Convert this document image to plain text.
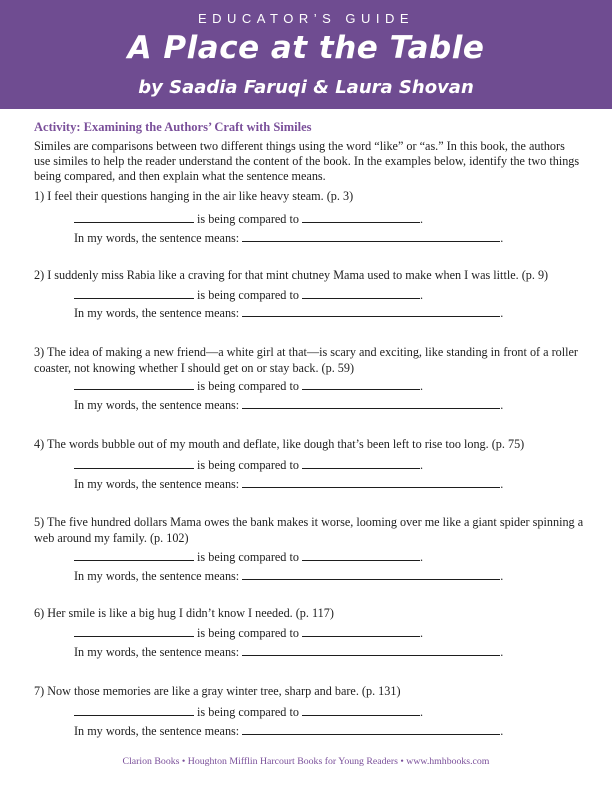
EDUCATOR’S GUIDE
A Place at the Table
by Saadia Faruqi & Laura Shovan

Activity: Examining the Authors’ Craft with Similes

Similes are comparisons between two different things using the word “like” or “as.” In this book, the authors use similes to help the reader understand the content of the book. In the examples below, identify the two things being compared, and then explain what the sentence means.

1) I feel their questions hanging in the air like heavy steam. (p. 3)

is being compared to	.
In my words, the sentence means:	.

2) I suddenly miss Rabia like a craving for that mint chutney Mama used to make when I was little. (p. 9)

is being compared to	.
In my words, the sentence means:	.

3) The idea of making a new friend—a white girl at that—is scary and exciting, like standing in front of a roller coaster, not knowing whether I should get on or stay back. (p. 59)

is being compared to	.
In my words, the sentence means:	.

4) The words bubble out of my mouth and deflate, like dough that’s been left to rise too long. (p. 75)

is being compared to	.
In my words, the sentence means:	.

5) The five hundred dollars Mama owes the bank makes it worse, looming over me like a giant spider spinning a web around my family. (p. 102)

is being compared to	.
In my words, the sentence means:	.

6) Her smile is like a big hug I didn’t know I needed. (p. 117)

is being compared to	.
In my words, the sentence means:	.

7) Now those memories are like a gray winter tree, sharp and bare. (p. 131)

is being compared to	.
In my words, the sentence means:	.
Clarion Books • Houghton Mifflin Harcourt Books for Young Readers • www.hmhbooks.com
